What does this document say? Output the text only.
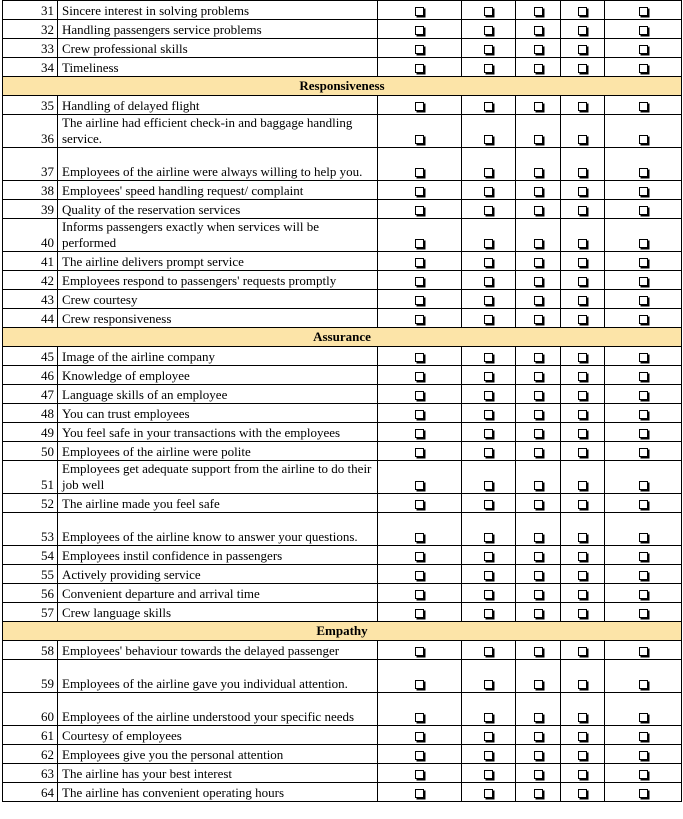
31	Sincere interest in solving problems					
32	Handling passengers service problems					
33	Crew professional skills					
34	Timeliness					
Responsiveness						
35	Handling of delayed flight					
36	The airline had efficient check-in and baggage handling service.					
37	Employees of the airline were always willing to help you.					
38	Employees' speed handling request/ complaint					
39	Quality of the reservation services					
40	Informs passengers exactly when services will be performed					
41	The airline delivers prompt service					
42	Employees respond to passengers' requests promptly					
43	Crew courtesy					
44	Crew responsiveness					
Assurance						
45	Image of the airline company					
46	Knowledge of employee					
47	Language skills of an employee					
48	You can trust employees					
49	You feel safe in your transactions with the employees					
50	Employees of the airline were polite					
51	Employees get adequate support from the airline to do their job well					
52	The airline made you feel safe					
53	Employees of the airline know to answer your questions.					
54	Employees instil confidence in passengers					
55	Actively providing service					
56	Convenient departure and arrival time					
57	Crew language skills					
Empathy						
58	Employees' behaviour towards the delayed passenger					
59	Employees of the airline gave you individual attention.					
60	Employees of the airline understood your specific needs					
61	Courtesy of employees					
62	Employees give you the personal attention					
63	The airline has your best interest					
64	The airline has convenient operating hours					
